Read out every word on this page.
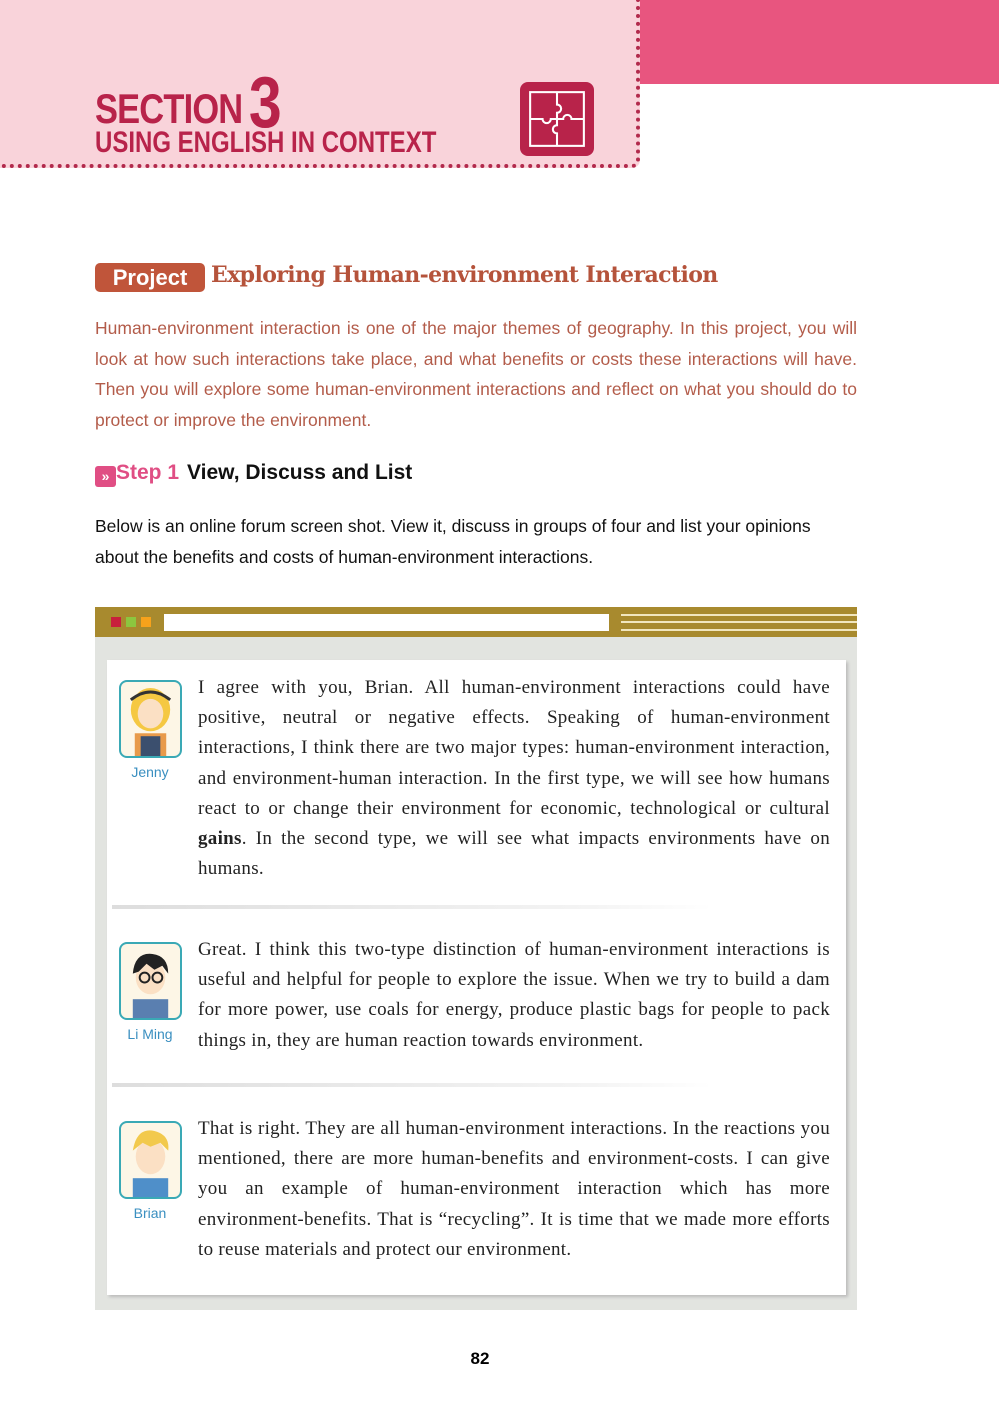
SECTION3
USING ENGLISH IN CONTEXT
Project	Exploring Human-environment Interaction

Human-environment interaction is one of the major themes of geography. In this project, you will look at how such interactions take place, and what benefits or costs these interactions will have. Then you will explore some human-environment interactions and reflect on what you should do to protect or improve the environment.

» Step 1 View, Discuss and List

Below is an online forum screen shot. View it, discuss in groups of four and list your opinions about the benefits and costs of human-environment interactions.

Jenny

I agree with you, Brian. All human-environment interactions could have positive, neutral or negative effects. Speaking of human-environment interactions, I think there are two major types: human-environment interaction, and environment-human interaction. In the first type, we will see how humans react to or change their environment for economic, technological or cultural gains. In the second type, we will see what impacts environments have on humans.

Li Ming

Great. I think this two-type distinction of human-environment interactions is useful and helpful for people to explore the issue. When we try to build a dam for more power, use coals for energy, produce plastic bags for people to pack things in, they are human reaction towards environment.

Brian

That is right. They are all human-environment interactions. In the reactions you mentioned, there are more human-benefits and environment-costs. I can give you an example of human-environment interaction which has more environment-benefits. That is “recycling”. It is time that we made more efforts to reuse materials and protect our environment.

82
